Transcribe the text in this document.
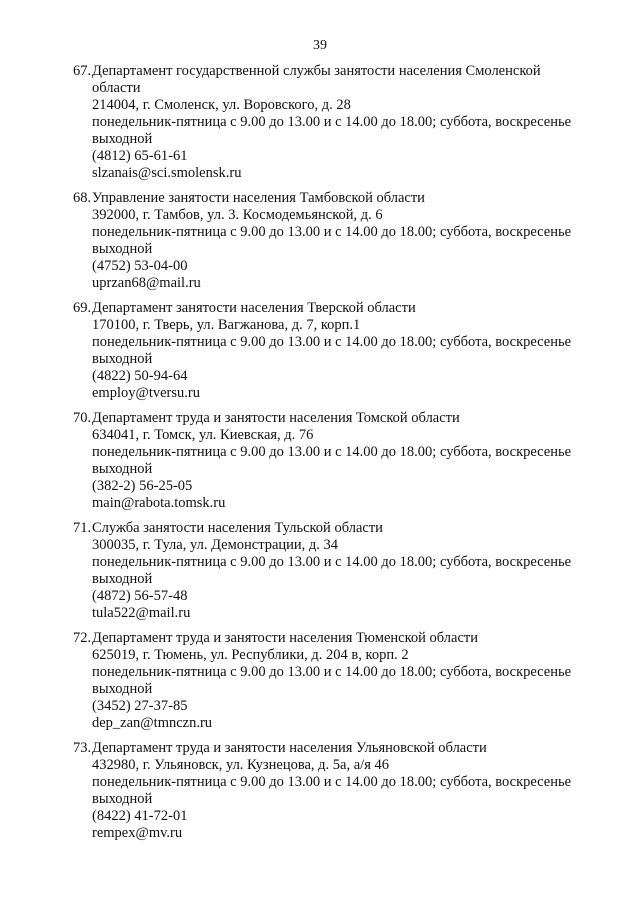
39
67. Департамент государственной службы занятости населения Смоленской
области
214004, г. Смоленск, ул. Воровского, д. 28
понедельник-пятница с 9.00 до 13.00 и с 14.00 до 18.00; суббота, воскресенье
выходной
(4812) 65-61-61
slzanais@sci.smolensk.ru
68. Управление занятости населения Тамбовской области
392000, г. Тамбов, ул. 3. Космодемьянской, д. 6
понедельник-пятница с 9.00 до 13.00 и с 14.00 до 18.00; суббота, воскресенье
выходной
(4752) 53-04-00
uprzan68@mail.ru
69. Департамент занятости населения Тверской области
170100, г. Тверь, ул. Вагжанова, д. 7, корп.1
понедельник-пятница с 9.00 до 13.00 и с 14.00 до 18.00; суббота, воскресенье
выходной
(4822) 50-94-64
employ@tversu.ru
70. Департамент труда и занятости населения Томской области
634041, г. Томск, ул. Киевская, д. 76
понедельник-пятница с 9.00 до 13.00 и с 14.00 до 18.00; суббота, воскресенье
выходной
(382-2) 56-25-05
main@rabota.tomsk.ru
71. Служба занятости населения Тульской области
300035, г. Тула, ул. Демонстрации, д. 34
понедельник-пятница с 9.00 до 13.00 и с 14.00 до 18.00; суббота, воскресенье
выходной
(4872) 56-57-48
tula522@mail.ru
72. Департамент труда и занятости населения Тюменской области
625019, г. Тюмень, ул. Республики, д. 204 в, корп. 2
понедельник-пятница с 9.00 до 13.00 и с 14.00 до 18.00; суббота, воскресенье
выходной
(3452) 27-37-85
dep_zan@tmnczn.ru
73. Департамент труда и занятости населения Ульяновской области
432980, г. Ульяновск, ул. Кузнецова, д. 5а, а/я 46
понедельник-пятница с 9.00 до 13.00 и с 14.00 до 18.00; суббота, воскресенье
выходной
(8422) 41-72-01
rempex@mv.ru
